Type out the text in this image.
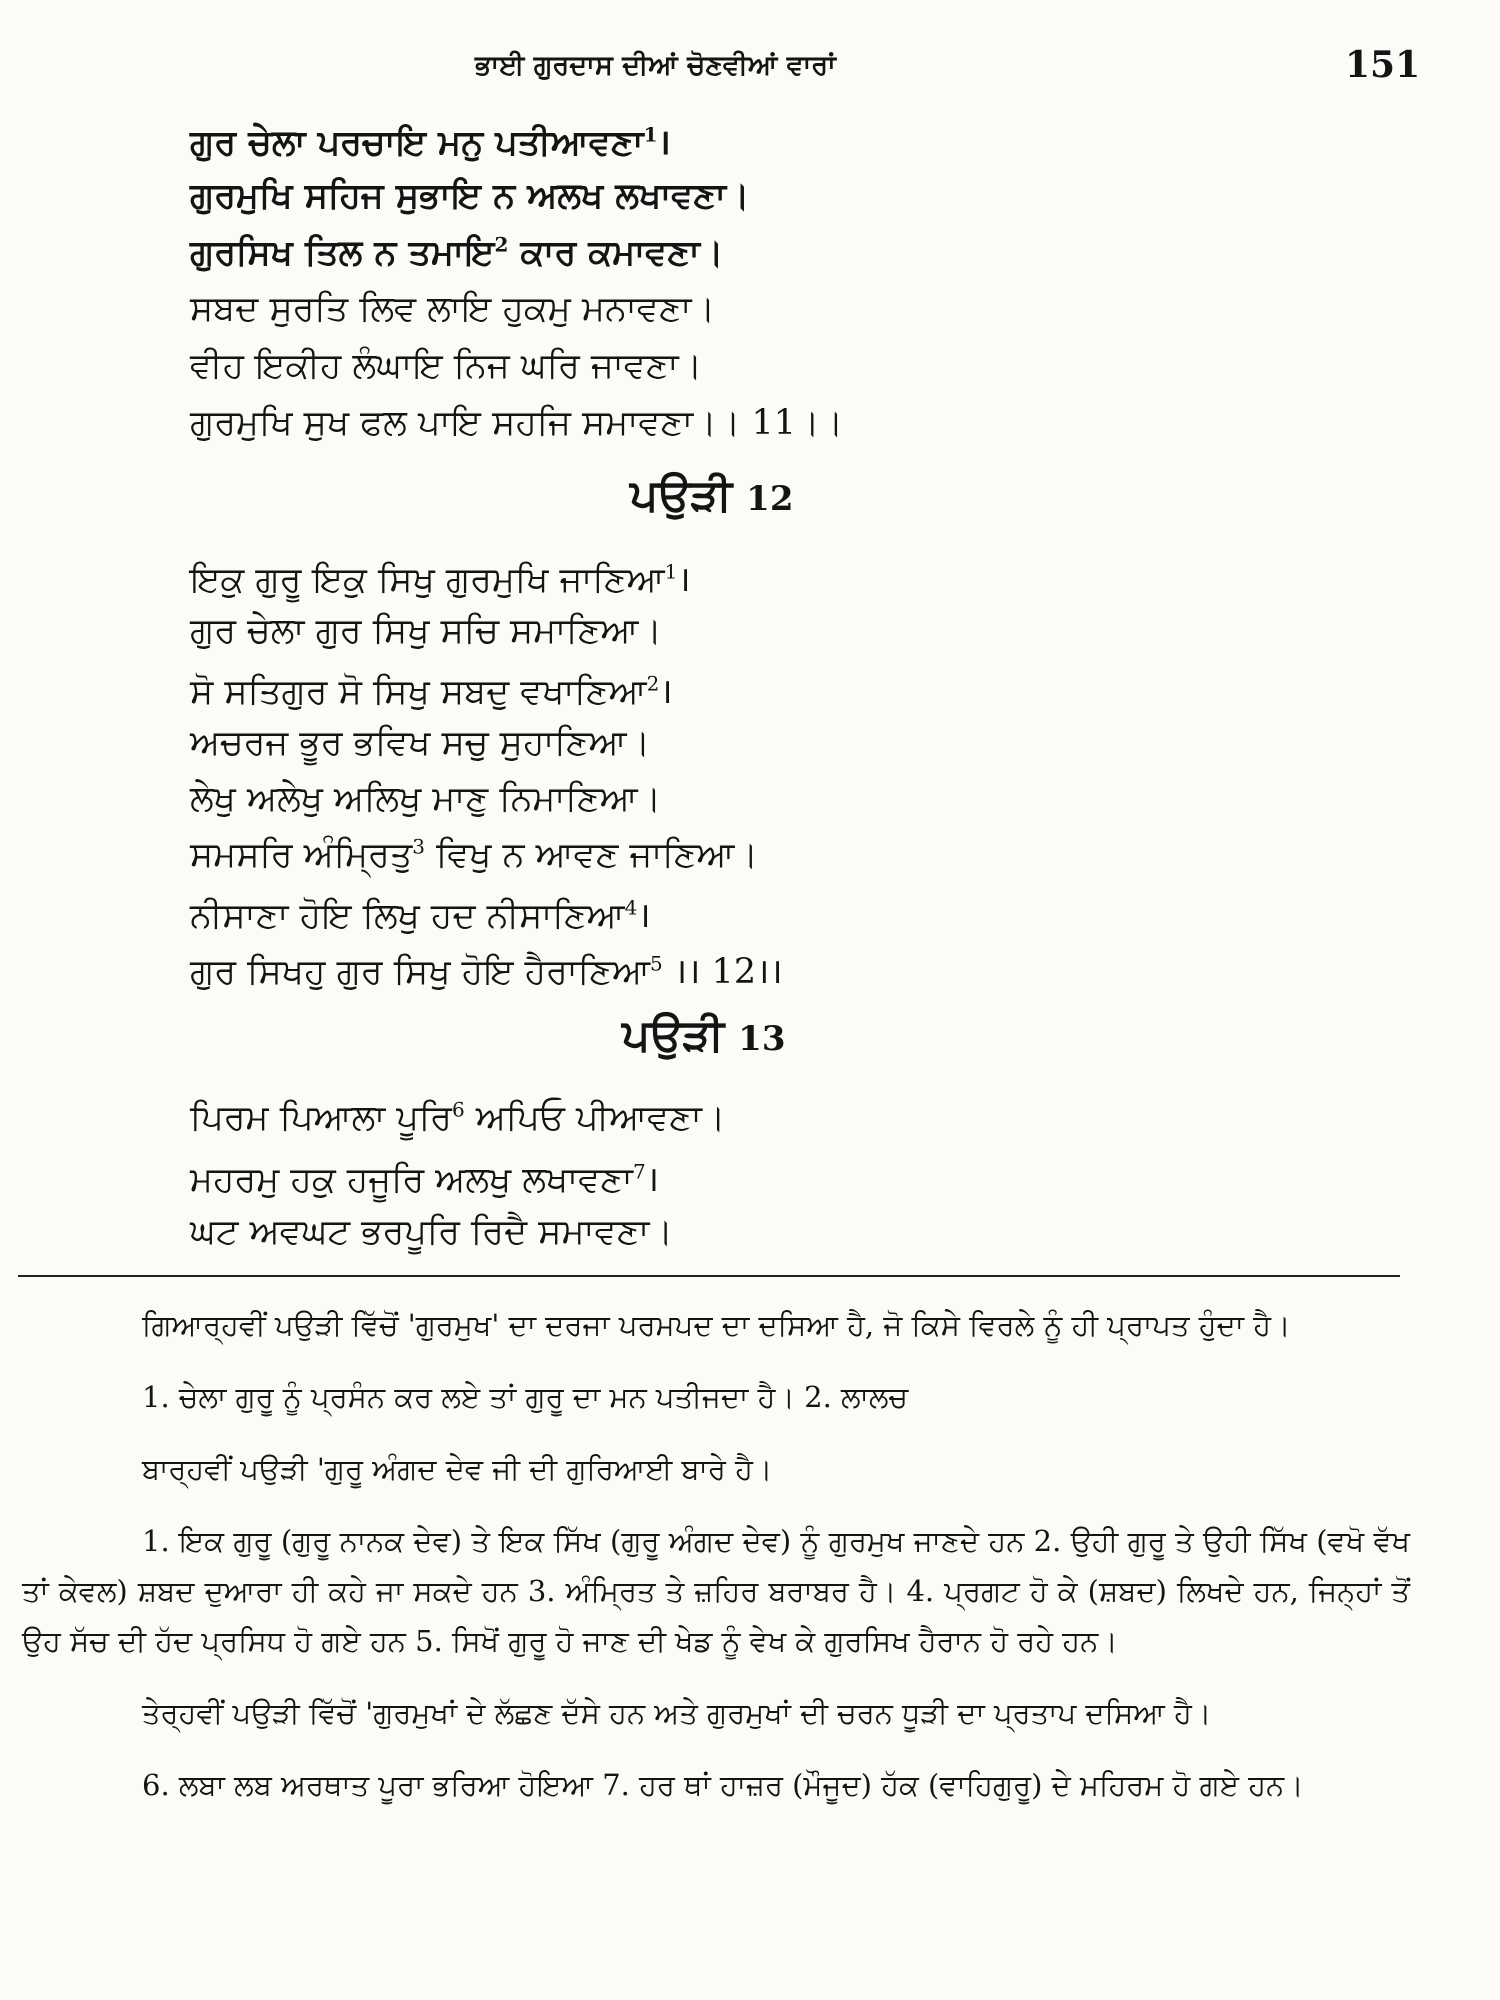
ਭਾਈ ਗੁਰਦਾਸ ਦੀਆਂ ਚੋਣਵੀਆਂ ਵਾਰਾਂ	151
ਗੁਰ ਚੇਲਾ ਪਰਚਾਇ ਮਨੁ ਪਤੀਆਵਣਾ$^1$।
ਗੁਰਮੁਖਿ ਸਹਿਜ ਸੁਭਾਇ ਨ ਅਲਖ ਲਖਾਵਣਾ।
ਗੁਰਸਿਖ ਤਿਲ ਨ ਤਮਾਇ$^2$ ਕਾਰ ਕਮਾਵਣਾ।
ਸਬਦ ਸੁਰਤਿ ਲਿਵ ਲਾਇ ਹੁਕਮੁ ਮਨਾਵਣਾ।
ਵੀਹ ਇਕੀਹ ਲੰਘਾਇ ਨਿਜ ਘਰਿ ਜਾਵਣਾ।
ਗੁਰਮੁਖਿ ਸੁਖ ਫਲ ਪਾਇ ਸਹਜਿ ਸਮਾਵਣਾ।। 11।।
ਪਉੜੀ 12
ਇਕੁ ਗੁਰੂ ਇਕੁ ਸਿਖੁ ਗੁਰਮੁਖਿ ਜਾਣਿਆ$^1$।
ਗੁਰ ਚੇਲਾ ਗੁਰ ਸਿਖੁ ਸਚਿ ਸਮਾਣਿਆ।
ਸੋ ਸਤਿਗੁਰ ਸੋ ਸਿਖੁ ਸਬਦੁ ਵਖਾਣਿਆ$^2$।
ਅਚਰਜ ਭੂਰ ਭਵਿਖ ਸਚੁ ਸੁਹਾਣਿਆ।
ਲੇਖੁ ਅਲੇਖੁ ਅਲਿਖੁ ਮਾਣੁ ਨਿਮਾਣਿਆ।
ਸਮਸਰਿ ਅੰਮ੍ਰਿਤੁ$^3$ ਵਿਖੁ ਨ ਆਵਣ ਜਾਣਿਆ।
ਨੀਸਾਣਾ ਹੋਇ ਲਿਖੁ ਹਦ ਨੀਸਾਣਿਆ$^4$।
ਗੁਰ ਸਿਖਹੁ ਗੁਰ ਸਿਖੁ ਹੋਇ ਹੈਰਾਣਿਆ$^5$ ।। 12।।
ਪਉੜੀ 13
ਪਿਰਮ ਪਿਆਲਾ ਪੂਰਿ$^6$ ਅਪਿਓ ਪੀਆਵਣਾ।
ਮਹਰਮੁ ਹਕੁ ਹਜੂਰਿ ਅਲਖੁ ਲਖਾਵਣਾ$^7$।
ਘਟ ਅਵਘਟ ਭਰਪੂਰਿ ਰਿਦੈ ਸਮਾਵਣਾ।

ਗਿਆਰ੍ਹਵੀਂ ਪਉੜੀ ਵਿੱਚੋਂ 'ਗੁਰਮੁਖ' ਦਾ ਦਰਜਾ ਪਰਮਪਦ ਦਾ ਦਸਿਆ ਹੈ, ਜੋ ਕਿਸੇ ਵਿਰਲੇ ਨੂੰ ਹੀ ਪ੍ਰਾਪਤ ਹੁੰਦਾ ਹੈ।

1. ਚੇਲਾ ਗੁਰੂ ਨੂੰ ਪ੍ਰਸੰਨ ਕਰ ਲਏ ਤਾਂ ਗੁਰੂ ਦਾ ਮਨ ਪਤੀਜਦਾ ਹੈ। 2. ਲਾਲਚ

ਬਾਰ੍ਹਵੀਂ ਪਉੜੀ 'ਗੁਰੂ ਅੰਗਦ ਦੇਵ ਜੀ ਦੀ ਗੁਰਿਆਈ ਬਾਰੇ ਹੈ।

1. ਇਕ ਗੁਰੂ (ਗੁਰੂ ਨਾਨਕ ਦੇਵ) ਤੇ ਇਕ ਸਿੱਖ (ਗੁਰੂ ਅੰਗਦ ਦੇਵ) ਨੂੰ ਗੁਰਮੁਖ ਜਾਣਦੇ ਹਨ 2. ਉਹੀ ਗੁਰੂ ਤੇ ਉਹੀ ਸਿੱਖ (ਵਖੋ ਵੱਖ ਤਾਂ ਕੇਵਲ) ਸ਼ਬਦ ਦੁਆਰਾ ਹੀ ਕਹੇ ਜਾ ਸਕਦੇ ਹਨ 3. ਅੰਮ੍ਰਿਤ ਤੇ ਜ਼ਹਿਰ ਬਰਾਬਰ ਹੈ। 4. ਪ੍ਰਗਟ ਹੋ ਕੇ (ਸ਼ਬਦ) ਲਿਖਦੇ ਹਨ, ਜਿਨ੍ਹਾਂ ਤੋਂ ਉਹ ਸੱਚ ਦੀ ਹੱਦ ਪ੍ਰਸਿਧ ਹੋ ਗਏ ਹਨ 5. ਸਿਖੋਂ ਗੁਰੂ ਹੋ ਜਾਣ ਦੀ ਖੇਡ ਨੂੰ ਵੇਖ ਕੇ ਗੁਰਸਿਖ ਹੈਰਾਨ ਹੋ ਰਹੇ ਹਨ।

ਤੇਰ੍ਹਵੀਂ ਪਉੜੀ ਵਿੱਚੋਂ 'ਗੁਰਮੁਖਾਂ ਦੇ ਲੱਛਣ ਦੱਸੇ ਹਨ ਅਤੇ ਗੁਰਮੁਖਾਂ ਦੀ ਚਰਨ ਧੂੜੀ ਦਾ ਪ੍ਰਤਾਪ ਦਸਿਆ ਹੈ।

6. ਲਬਾ ਲਬ ਅਰਥਾਤ ਪੂਰਾ ਭਰਿਆ ਹੋਇਆ 7. ਹਰ ਥਾਂ ਹਾਜ਼ਰ (ਮੌਜੂਦ) ਹੱਕ (ਵਾਹਿਗੁਰੂ) ਦੇ ਮਹਿਰਮ ਹੋ ਗਏ ਹਨ।
